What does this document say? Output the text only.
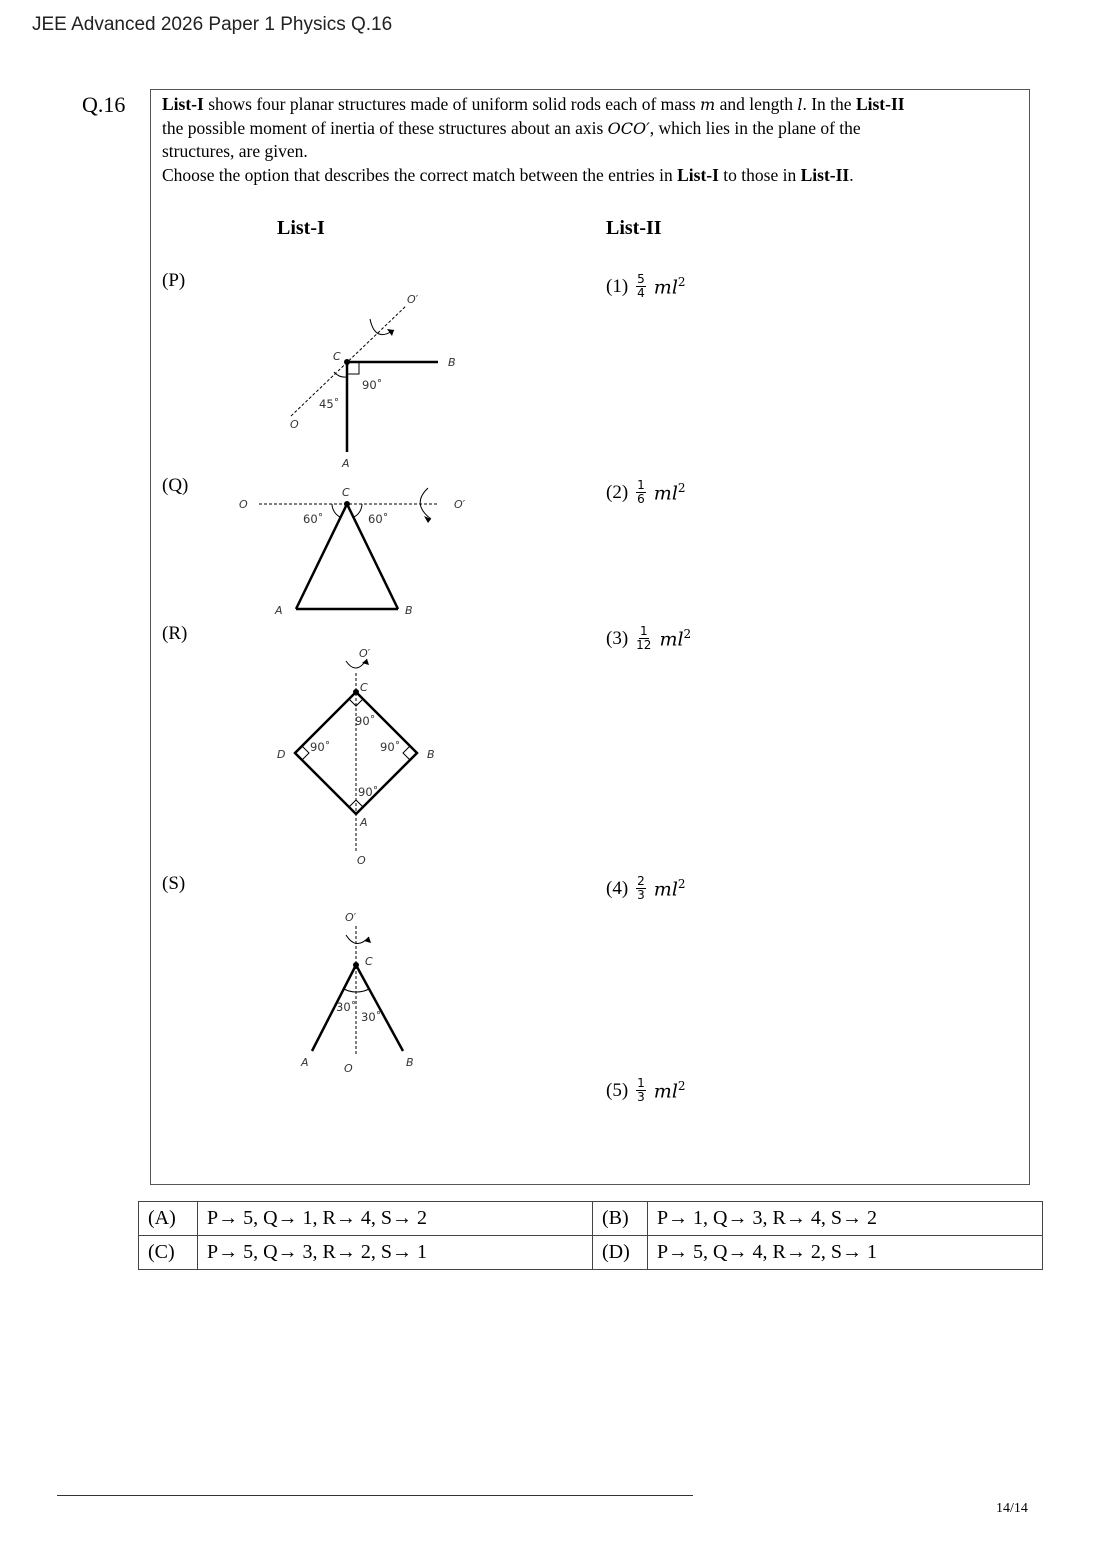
JEE Advanced 2026 Paper 1 Physics Q.16
Q.16 List-I shows four planar structures made of uniform solid rods each of mass m and length l. In the List-II
the possible moment of inertia of these structures about an axis OCO′, which lies in the plane of the
structures, are given.
Choose the option that describes the correct match between the entries in List-I to those in List-II.
List-I	List-II
(P)
(Q)
(R)
(S)
$(1) \frac{5}{4} ml^2$
$(2) \frac{1}{6} ml^2$
$(3) \frac{1}{12} ml^2$
$(4) \frac{2}{3} ml^2$
$(5) \frac{1}{3} ml^2$
O′
C	B
90˚
45˚
O
A
O
C
O′
60˚	60˚
A	B
O′
C
90˚
D
90˚	90˚
B
90˚
A
O
O′
C
30˚
30˚
A	O	B
(A)	P→ 5, Q→ 1, R→ 4, S→ 2	(B)	P→ 1, Q→ 3, R→ 4, S→ 2
(C)	P→ 5, Q→ 3, R→ 2, S→ 1	(D)	P→ 5, Q→ 4, R→ 2, S→ 1
14/14
